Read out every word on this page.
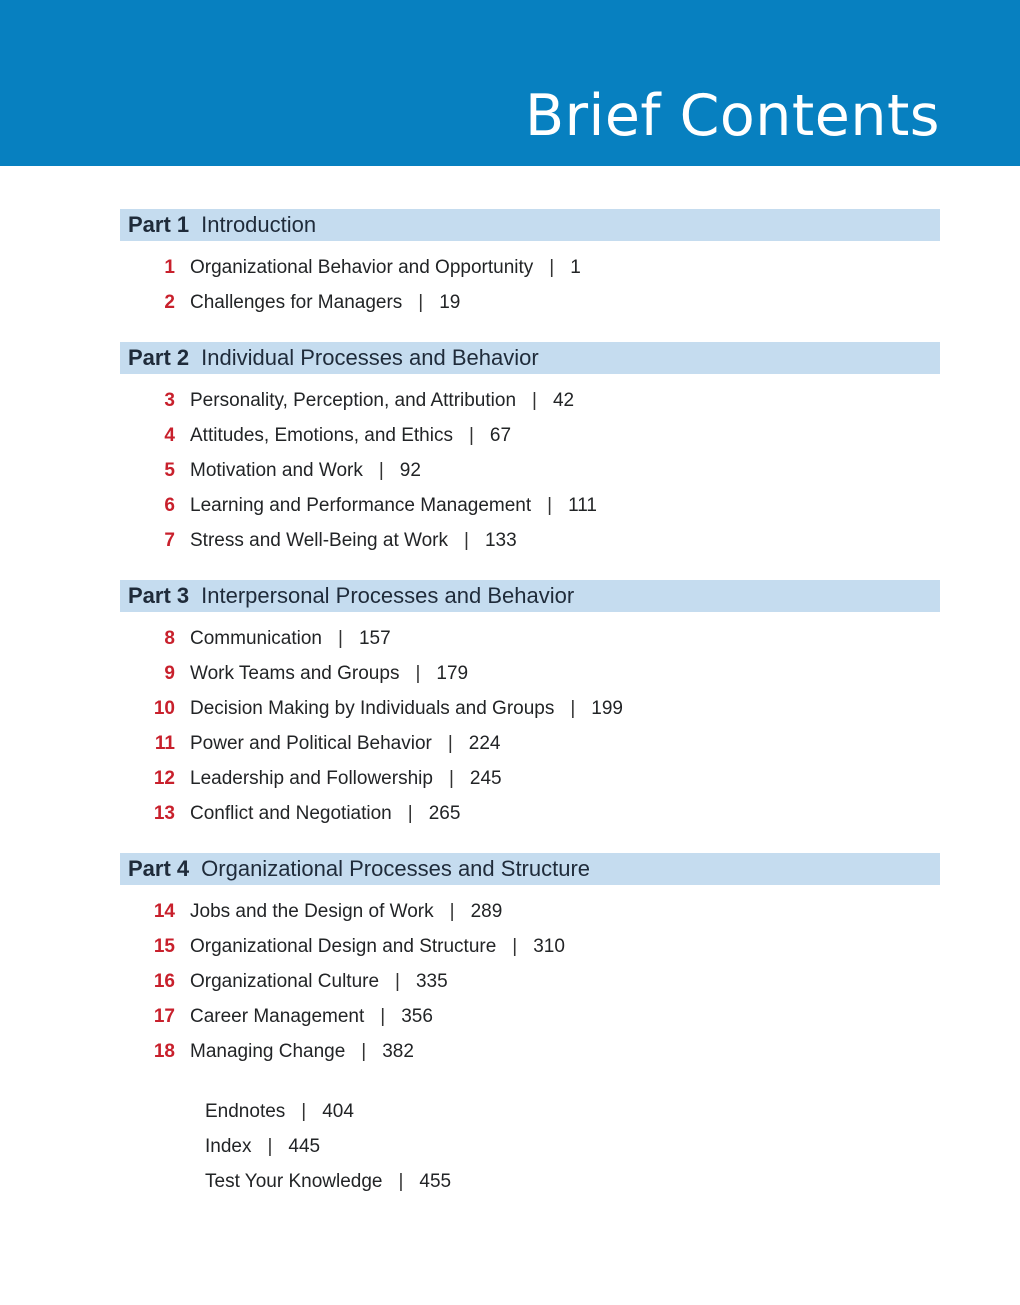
Brief Contents
Part 1 Introduction
1 Organizational Behavior and Opportunity | 1
2 Challenges for Managers | 19
Part 2 Individual Processes and Behavior
3 Personality, Perception, and Attribution | 42
4 Attitudes, Emotions, and Ethics | 67
5 Motivation and Work | 92
6 Learning and Performance Management | 111
7 Stress and Well-Being at Work | 133
Part 3 Interpersonal Processes and Behavior
8 Communication | 157
9 Work Teams and Groups | 179
10 Decision Making by Individuals and Groups | 199
11 Power and Political Behavior | 224
12 Leadership and Followership | 245
13 Conflict and Negotiation | 265
Part 4 Organizational Processes and Structure
14 Jobs and the Design of Work | 289
15 Organizational Design and Structure | 310
16 Organizational Culture | 335
17 Career Management | 356
18 Managing Change | 382
Endnotes | 404
Index | 445
Test Your Knowledge | 455
